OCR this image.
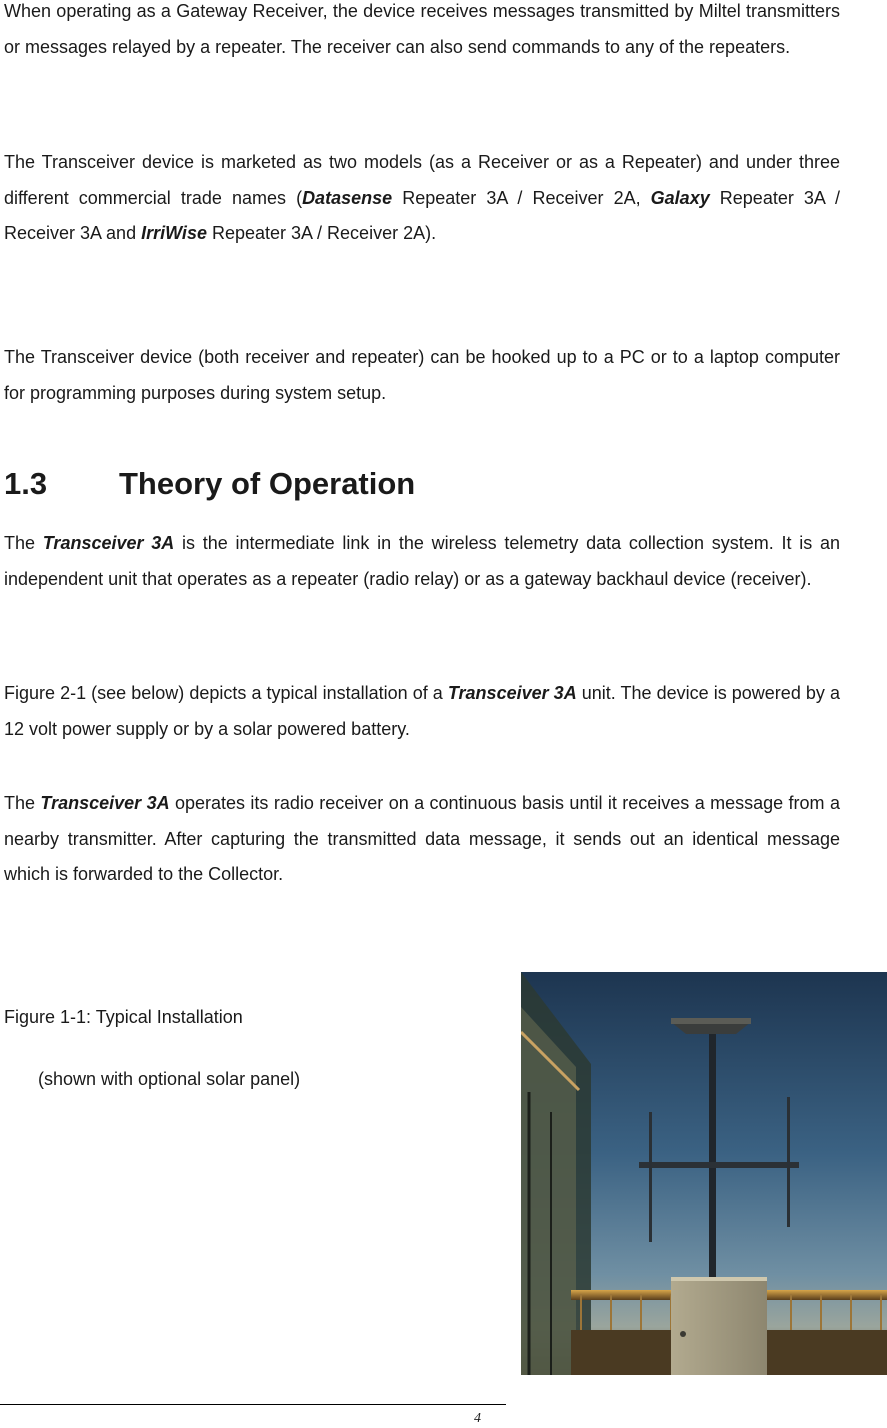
When operating as a Gateway Receiver, the device receives messages transmitted by Miltel transmitters or messages relayed by a repeater. The receiver can also send commands to any of the repeaters.

The Transceiver device is marketed as two models (as a Receiver or as a Repeater) and under three different commercial trade names (Datasense Repeater 3A / Receiver 2A, Galaxy Repeater 3A / Receiver 3A and IrriWise Repeater 3A / Receiver 2A).

The Transceiver device (both receiver and repeater) can be hooked up to a PC or to a laptop computer for programming purposes during system setup.

1.3 Theory of Operation

The Transceiver 3A is the intermediate link in the wireless telemetry data collection system. It is an independent unit that operates as a repeater (radio relay) or as a gateway backhaul device (receiver).

Figure 2-1 (see below) depicts a typical installation of a Transceiver 3A unit. The device is powered by a 12 volt power supply or by a solar powered battery.

The Transceiver 3A operates its radio receiver on a continuous basis until it receives a message from a nearby transmitter. After capturing the transmitted data message, it sends out an identical message which is forwarded to the Collector.

Figure 1-1: Typical Installation

(shown with optional solar panel)

4
